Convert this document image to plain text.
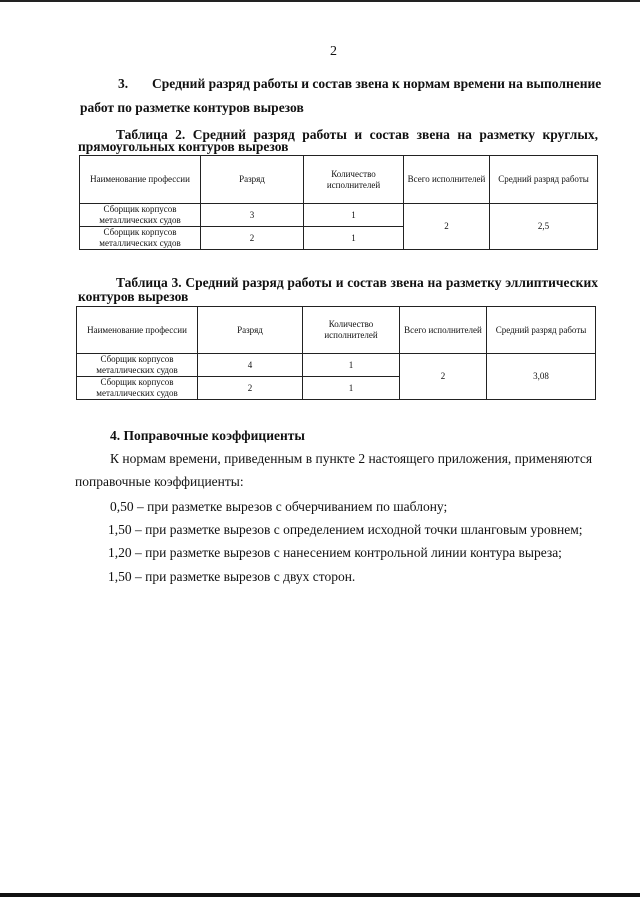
2
3. Средний разряд работы и состав звена к нормам времени на выполнение
работ по разметке контуров вырезов
Таблица 2. Средний разряд работы и состав звена на разметку круглых,
прямоугольных контуров вырезов
Наименование профессии	Разряд	Количество исполнителей	Всего исполнителей	Средний разряд работы
Сборщик корпусов металлических судов	3	1	2	2,5
Сборщик корпусов металлических судов	2	1		
Таблица 3. Средний разряд работы и состав звена на разметку эллиптических
контуров вырезов
Наименование профессии	Разряд	Количество исполнителей	Всего исполнителей	Средний разряд работы
Сборщик корпусов металлических судов	4	1	2	3,08
Сборщик корпусов металлических судов	2	1		
4. Поправочные коэффициенты
К нормам времени, приведенным в пункте 2 настоящего приложения, применяются
поправочные коэффициенты:
0,50 – при разметке вырезов с обчерчиванием по шаблону;
1,50 – при разметке вырезов с определением исходной точки шланговым уровнем;
1,20 – при разметке вырезов с нанесением контрольной линии контура выреза;
1,50 – при разметке вырезов с двух сторон.
